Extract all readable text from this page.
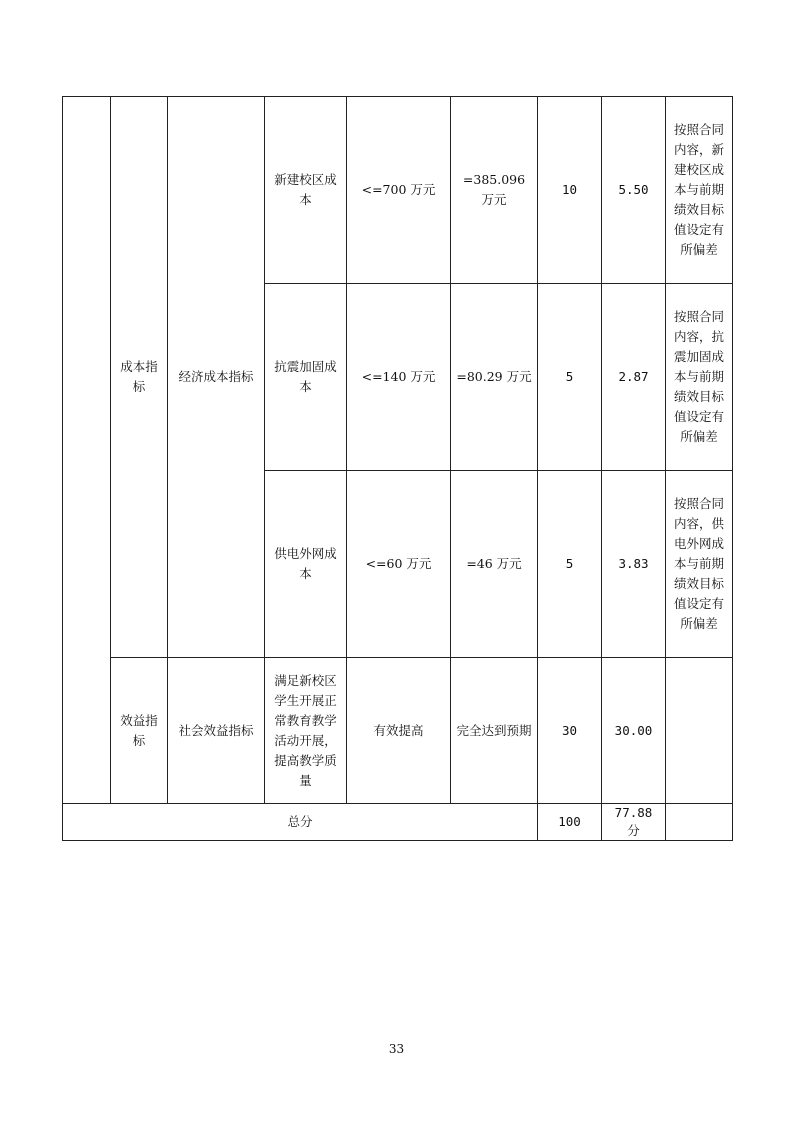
	成本指标	经济成本指标	新建校区成本	<=700 万元	=385.096 万元	10	5.50	按照合同内容，新建校区成本与前期绩效目标值设定有所偏差
			抗震加固成本	<=140 万元	=80.29 万元	5	2.87	按照合同内容，抗震加固成本与前期绩效目标值设定有所偏差
			供电外网成本	<=60 万元	=46 万元	5	3.83	按照合同内容，供电外网成本与前期绩效目标值设定有所偏差
	效益指标	社会效益指标	满足新校区学生开展正常教育教学活动开展，提高教学质量	有效提高	完全达到预期	30	30.00	
总分						100	77.88 分	
33
